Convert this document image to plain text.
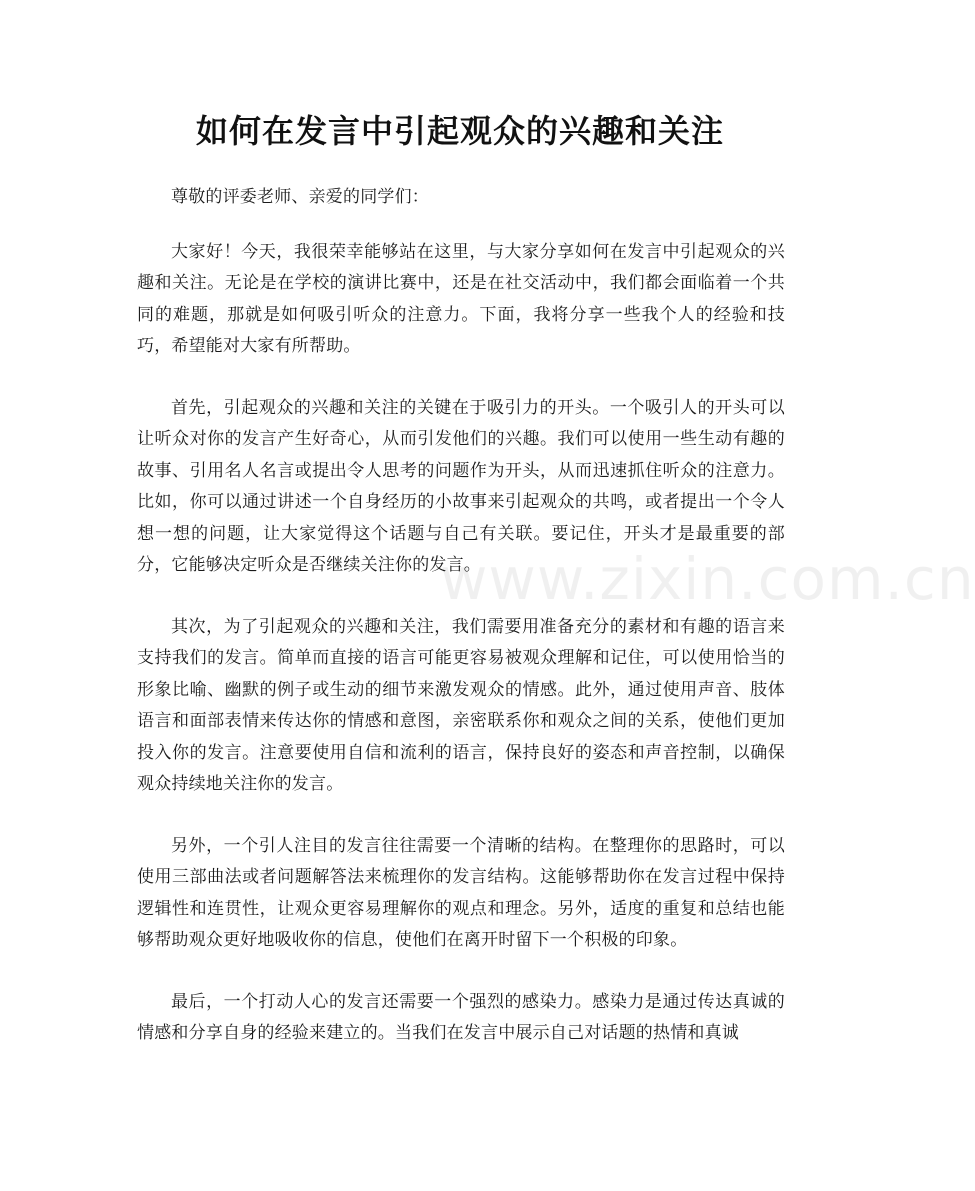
如何在发言中引起观众的兴趣和关注

尊敬的评委老师、亲爱的同学们：

大家好！今天，我很荣幸能够站在这里，与大家分享如何在发言中引起观众的兴趣和关注。无论是在学校的演讲比赛中，还是在社交活动中，我们都会面临着一个共同的难题，那就是如何吸引听众的注意力。下面，我将分享一些我个人的经验和技巧，希望能对大家有所帮助。

首先，引起观众的兴趣和关注的关键在于吸引力的开头。一个吸引人的开头可以让听众对你的发言产生好奇心，从而引发他们的兴趣。我们可以使用一些生动有趣的故事、引用名人名言或提出令人思考的问题作为开头，从而迅速抓住听众的注意力。比如，你可以通过讲述一个自身经历的小故事来引起观众的共鸣，或者提出一个令人想一想的问题，让大家觉得这个话题与自己有关联。要记住，开头才是最重要的部分，它能够决定听众是否继续关注你的发言。

其次，为了引起观众的兴趣和关注，我们需要用准备充分的素材和有趣的语言来支持我们的发言。简单而直接的语言可能更容易被观众理解和记住，可以使用恰当的形象比喻、幽默的例子或生动的细节来激发观众的情感。此外，通过使用声音、肢体语言和面部表情来传达你的情感和意图，亲密联系你和观众之间的关系，使他们更加投入你的发言。注意要使用自信和流利的语言，保持良好的姿态和声音控制，以确保观众持续地关注你的发言。

另外，一个引人注目的发言往往需要一个清晰的结构。在整理你的思路时，可以使用三部曲法或者问题解答法来梳理你的发言结构。这能够帮助你在发言过程中保持逻辑性和连贯性，让观众更容易理解你的观点和理念。另外，适度的重复和总结也能够帮助观众更好地吸收你的信息，使他们在离开时留下一个积极的印象。

最后，一个打动人心的发言还需要一个强烈的感染力。感染力是通过传达真诚的情感和分享自身的经验来建立的。当我们在发言中展示自己对话题的热情和真诚

www.zixin.com.cn
